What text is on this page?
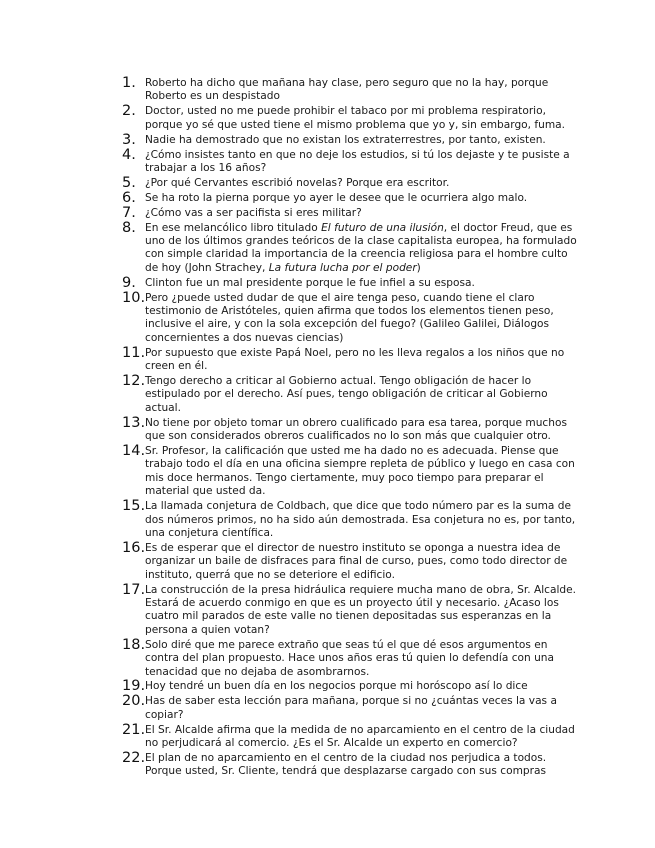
1. Roberto ha dicho que mañana hay clase, pero seguro que no la hay, porque Roberto es un despistado
2. Doctor, usted no me puede prohibir el tabaco por mi problema respiratorio, porque yo sé que usted tiene el mismo problema que yo y, sin embargo, fuma.
3. Nadie ha demostrado que no existan los extraterrestres, por tanto, existen.
4. ¿Cómo insistes tanto en que no deje los estudios, si tú los dejaste y te pusiste a trabajar a los 16 años?
5. ¿Por qué Cervantes escribió novelas? Porque era escritor.
6. Se ha roto la pierna porque yo ayer le desee que le ocurriera algo malo.
7. ¿Cómo vas a ser pacifista si eres militar?
8. En ese melancólico libro titulado El futuro de una ilusión, el doctor Freud, que es uno de los últimos grandes teóricos de la clase capitalista europea, ha formulado con simple claridad la importancia de la creencia religiosa para el hombre culto de hoy (John Strachey, La futura lucha por el poder)
9. Clinton fue un mal presidente porque le fue infiel a su esposa.
10. Pero ¿puede usted dudar de que el aire tenga peso, cuando tiene el claro testimonio de Aristóteles, quien afirma que todos los elementos tienen peso, inclusive el aire, y con la sola excepción del fuego? (Galileo Galilei, Diálogos concernientes a dos nuevas ciencias)
11. Por supuesto que existe Papá Noel, pero no les lleva regalos a los niños que no creen en él.
12. Tengo derecho a criticar al Gobierno actual. Tengo obligación de hacer lo estipulado por el derecho. Así pues, tengo obligación de criticar al Gobierno actual.
13. No tiene por objeto tomar un obrero cualificado para esa tarea, porque muchos que son considerados obreros cualificados no lo son más que cualquier otro.
14. Sr. Profesor, la calificación que usted me ha dado no es adecuada. Piense que trabajo todo el día en una oficina siempre repleta de público y luego en casa con mis doce hermanos. Tengo ciertamente, muy poco tiempo para preparar el material que usted da.
15. La llamada conjetura de Coldbach, que dice que todo número par es la suma de dos números primos, no ha sido aún demostrada. Esa conjetura no es, por tanto, una conjetura científica.
16. Es de esperar que el director de nuestro instituto se oponga a nuestra idea de organizar un baile de disfraces para final de curso, pues, como todo director de instituto, querrá que no se deteriore el edificio.
17. La construcción de la presa hidráulica requiere mucha mano de obra, Sr. Alcalde. Estará de acuerdo conmigo en que es un proyecto útil y necesario. ¿Acaso los cuatro mil parados de este valle no tienen depositadas sus esperanzas en la persona a quien votan?
18. Solo diré que me parece extraño que seas tú el que dé esos argumentos en contra del plan propuesto. Hace unos años eras tú quien lo defendía con una tenacidad que no dejaba de asombrarnos.
19. Hoy tendré un buen día en los negocios porque mi horóscopo así lo dice
20. Has de saber esta lección para mañana, porque si no ¿cuántas veces la vas a copiar?
21. El Sr. Alcalde afirma que la medida de no aparcamiento en el centro de la ciudad no perjudicará al comercio. ¿Es el Sr. Alcalde un experto en comercio?
22. El plan de no aparcamiento en el centro de la ciudad nos perjudica a todos. Porque usted, Sr. Cliente, tendrá que desplazarse cargado con sus compras
